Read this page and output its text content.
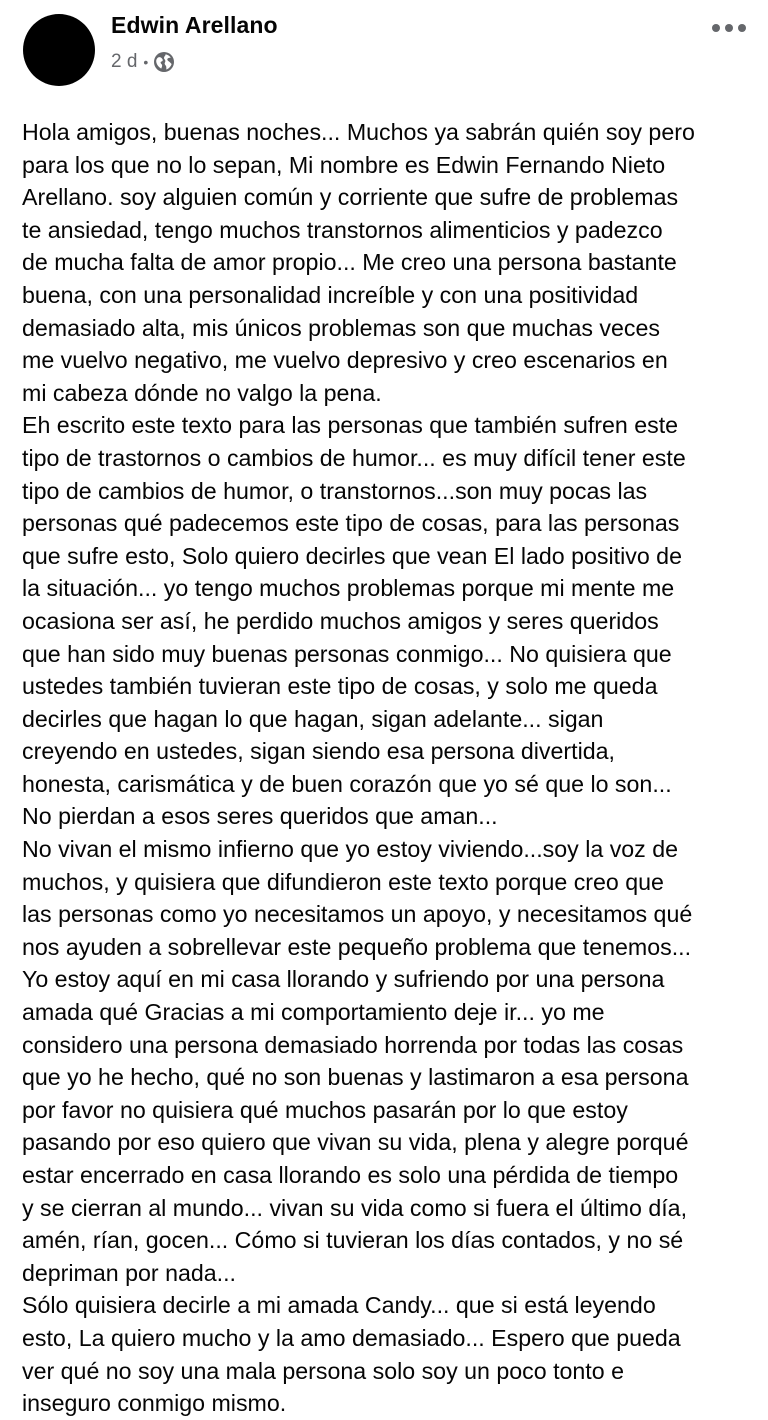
Edwin Arellano
2 d •
Hola amigos, buenas noches... Muchos ya sabrán quién soy pero
para los que no lo sepan, Mi nombre es Edwin Fernando Nieto
Arellano. soy alguien común y corriente que sufre de problemas
te ansiedad, tengo muchos transtornos alimenticios y padezco
de mucha falta de amor propio... Me creo una persona bastante
buena, con una personalidad increíble y con una positividad
demasiado alta, mis únicos problemas son que muchas veces
me vuelvo negativo, me vuelvo depresivo y creo escenarios en
mi cabeza dónde no valgo la pena.
Eh escrito este texto para las personas que también sufren este
tipo de trastornos o cambios de humor... es muy difícil tener este
tipo de cambios de humor, o transtornos...son muy pocas las
personas qué padecemos este tipo de cosas, para las personas
que sufre esto, Solo quiero decirles que vean El lado positivo de
la situación... yo tengo muchos problemas porque mi mente me
ocasiona ser así, he perdido muchos amigos y seres queridos
que han sido muy buenas personas conmigo... No quisiera que
ustedes también tuvieran este tipo de cosas, y solo me queda
decirles que hagan lo que hagan, sigan adelante... sigan
creyendo en ustedes, sigan siendo esa persona divertida,
honesta, carismática y de buen corazón que yo sé que lo son...
No pierdan a esos seres queridos que aman...
No vivan el mismo infierno que yo estoy viviendo...soy la voz de
muchos, y quisiera que difundieron este texto porque creo que
las personas como yo necesitamos un apoyo, y necesitamos qué
nos ayuden a sobrellevar este pequeño problema que tenemos...
Yo estoy aquí en mi casa llorando y sufriendo por una persona
amada qué Gracias a mi comportamiento deje ir... yo me
considero una persona demasiado horrenda por todas las cosas
que yo he hecho, qué no son buenas y lastimaron a esa persona
por favor no quisiera qué muchos pasarán por lo que estoy
pasando por eso quiero que vivan su vida, plena y alegre porqué
estar encerrado en casa llorando es solo una pérdida de tiempo
y se cierran al mundo... vivan su vida como si fuera el último día,
amén, rían, gocen... Cómo si tuvieran los días contados, y no sé
depriman por nada...
Sólo quisiera decirle a mi amada Candy... que si está leyendo
esto, La quiero mucho y la amo demasiado... Espero que pueda
ver qué no soy una mala persona solo soy un poco tonto e
inseguro conmigo mismo.
